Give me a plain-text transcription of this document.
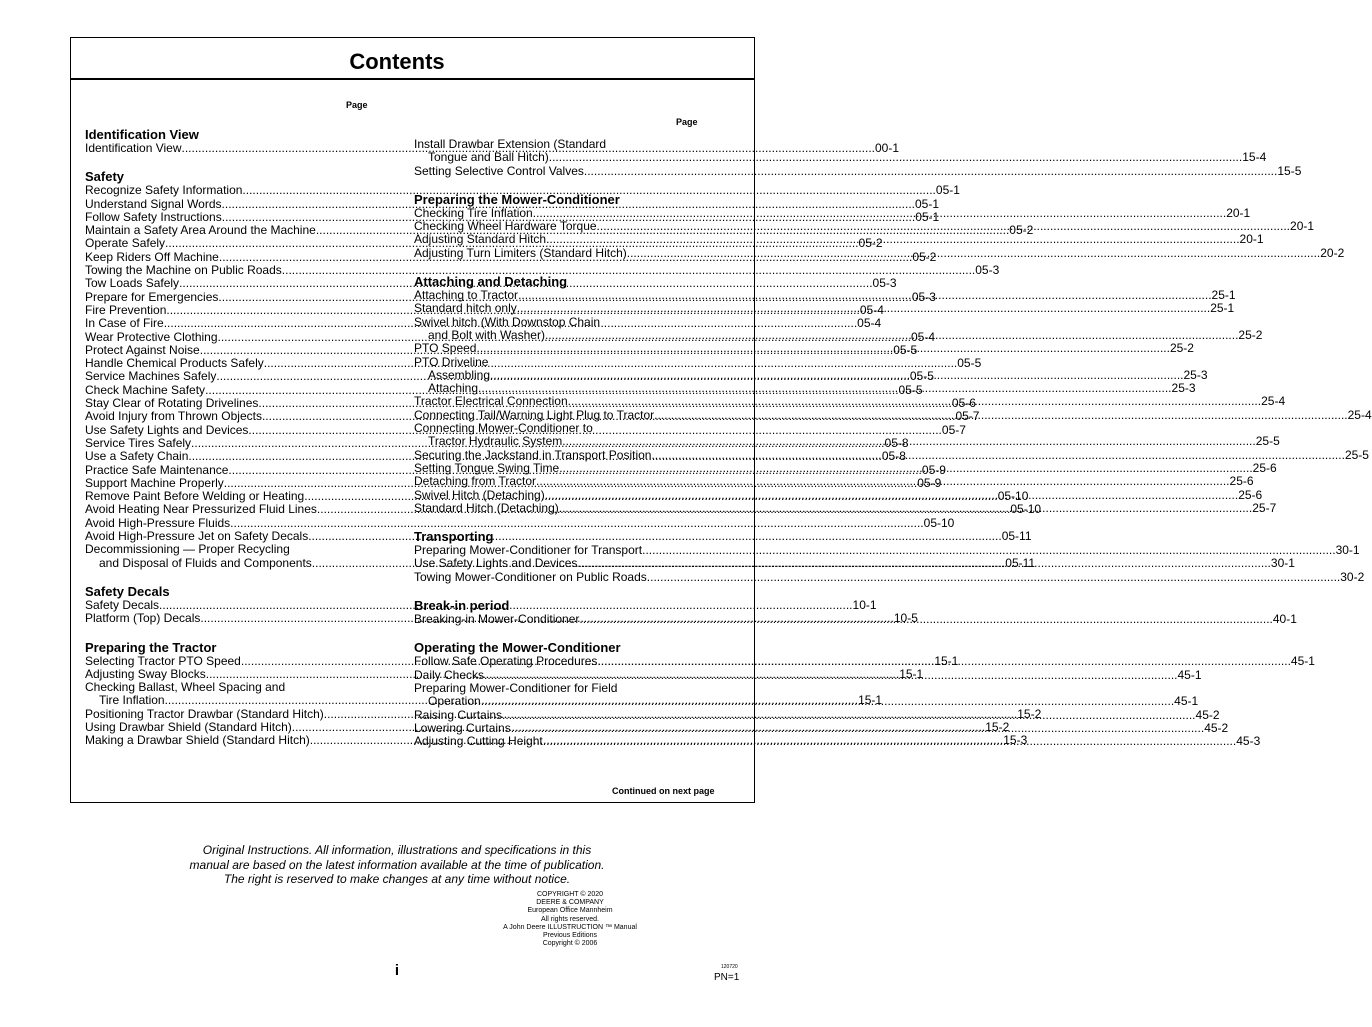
Contents
Page
Page
Identification View
Identification View .....	00-1
Safety
Recognize Safety Information .....	05-1
Understand Signal Words .....	05-1
Follow Safety Instructions .....	05-1
Maintain a Safety Area Around the Machine .....	05-2
Operate Safely .....	05-2
Keep Riders Off Machine .....	05-2
Towing the Machine on Public Roads .....	05-3
Tow Loads Safely .....	05-3
Prepare for Emergencies .....	05-3
Fire Prevention .....	05-4
In Case of Fire .....	05-4
Wear Protective Clothing .....	05-4
Protect Against Noise .....	05-5
Handle Chemical Products Safely .....	05-5
Service Machines Safely .....	05-5
Check Machine Safety .....	05-5
Stay Clear of Rotating Drivelines .....	05-6
Avoid Injury from Thrown Objects .....	05-7
Use Safety Lights and Devices .....	05-7
Service Tires Safely .....	05-8
Use a Safety Chain .....	05-8
Practice Safe Maintenance .....	05-9
Support Machine Properly .....	05-9
Remove Paint Before Welding or Heating .....	05-10
Avoid Heating Near Pressurized Fluid Lines .....	05-10
Avoid High-Pressure Fluids .....	05-10
Avoid High-Pressure Jet on Safety Decals .....	05-11
Decommissioning — Proper Recycling
and Disposal of Fluids and Components .....	05-11
Safety Decals
Safety Decals .....	10-1
Platform (Top) Decals .....	10-5
Preparing the Tractor
Selecting Tractor PTO Speed .....	15-1
Adjusting Sway Blocks .....	15-1
Checking Ballast, Wheel Spacing and
Tire Inflation .....	15-1
Positioning Tractor Drawbar (Standard Hitch) .....	15-2
Using Drawbar Shield (Standard Hitch) .....	15-2
Making a Drawbar Shield (Standard Hitch) .....	15-3
Install Drawbar Extension (Standard
Tongue and Ball Hitch) .....	15-4
Setting Selective Control Valves .....	15-5
Preparing the Mower-Conditioner
Checking Tire Inflation .....	20-1
Checking Wheel Hardware Torque .....	20-1
Adjusting Standard Hitch .....	20-1
Adjusting Turn Limiters (Standard Hitch) .....	20-2
Attaching and Detaching
Attaching to Tractor .....	25-1
Standard hitch only .....	25-1
Swivel hitch (With Downstop Chain
and Bolt with Washer) .....	25-2
PTO Speed .....	25-2
PTO Driveline
Assembling .....	25-3
Attaching .....	25-3
Tractor Electrical Connection .....	25-4
Connecting Tail/Warning Light Plug to Tractor .....	25-4
Connecting Mower-Conditioner to
Tractor Hydraulic System .....	25-5
Securing the Jackstand in Transport Position .....	25-5
Setting Tongue Swing Time .....	25-6
Detaching from Tractor .....	25-6
Swivel Hitch (Detaching) .....	25-6
Standard Hitch (Detaching) .....	25-7
Transporting
Preparing Mower-Conditioner for Transport .....	30-1
Use Safety Lights and Devices .....	30-1
Towing Mower-Conditioner on Public Roads .....	30-2
Break-in period
Breaking-in Mower-Conditioner .....	40-1
Operating the Mower-Conditioner
Follow Safe Operating Procedures .....	45-1
Daily Checks .....	45-1
Preparing Mower-Conditioner for Field
Operation .....	45-1
Raising Curtains .....	45-2
Lowering Curtains .....	45-2
Adjusting Cutting Height .....	45-3
Continued on next page
Original Instructions. All information, illustrations and specifications in this
manual are based on the latest information available at the time of publication.
The right is reserved to make changes at any time without notice.
COPYRIGHT © 2020
DEERE & COMPANY
European Office Mannheim
All rights reserved.
A John Deere ILLUSTRUCTION ™ Manual
Previous Editions
Copyright © 2006
i	120720
PN=1
